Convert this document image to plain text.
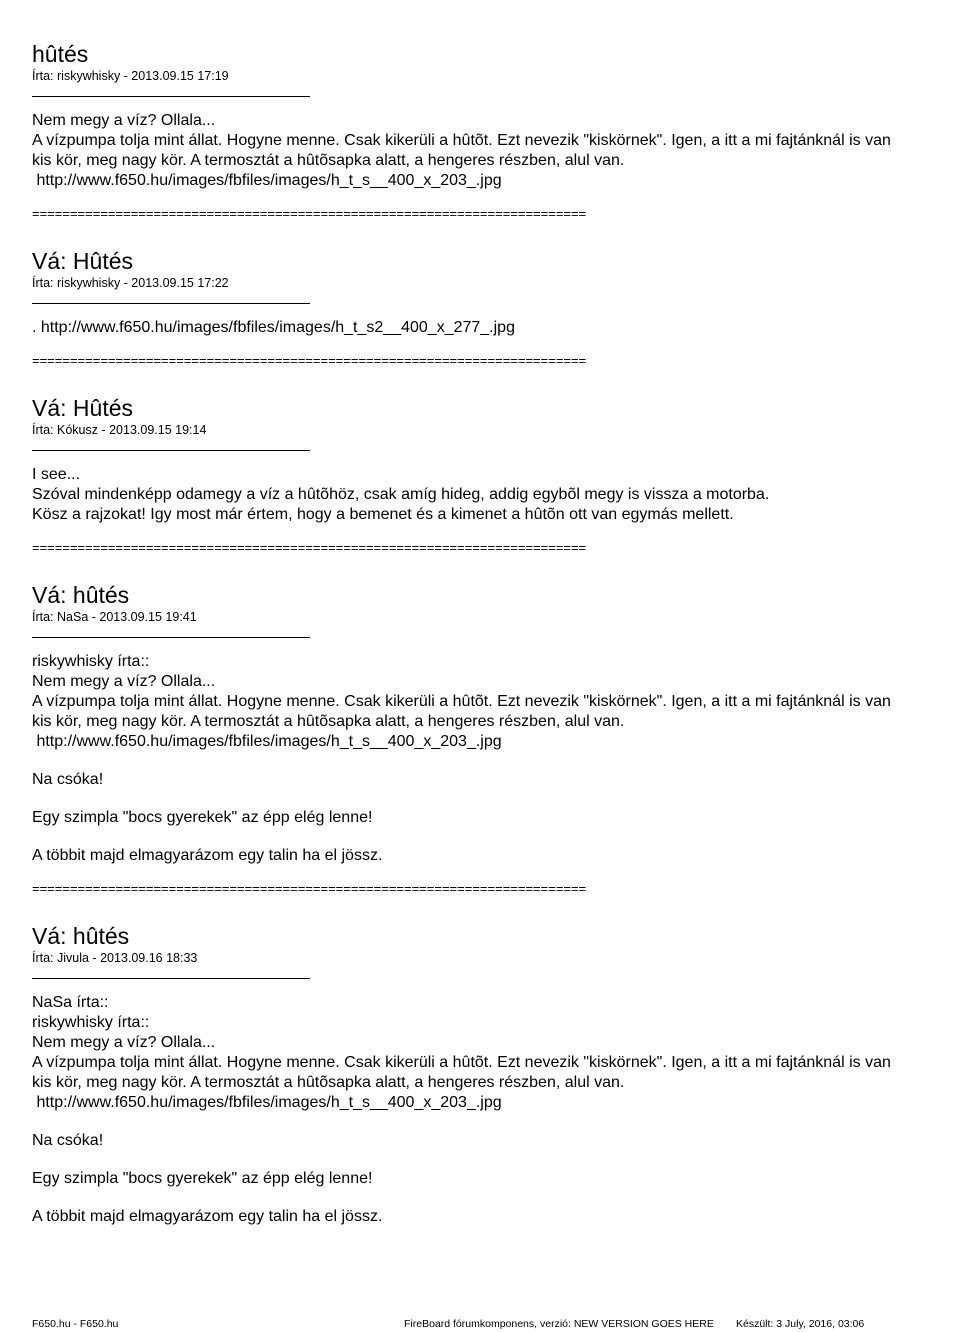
hûtés
Írta: riskywhisky - 2013.09.15 17:19

Nem megy a víz? Ollala...

A vízpumpa tolja mint állat. Hogyne menne. Csak kikerüli a hûtõt. Ezt nevezik "kiskörnek". Igen, a itt a mi fajtánknál is van

kis kör, meg nagy kör. A termosztát a hûtõsapka alatt, a hengeres részben, alul van.

http://www.f650.hu/images/fbfiles/images/h_t_s__400_x_203_.jpg

=========================================================================
Vá: Hûtés
Írta: riskywhisky - 2013.09.15 17:22

. http://www.f650.hu/images/fbfiles/images/h_t_s2__400_x_277_.jpg

=========================================================================
Vá: Hûtés
Írta: Kókusz - 2013.09.15 19:14

I see...

Szóval mindenképp odamegy a víz a hûtõhöz, csak amíg hideg, addig egybõl megy is vissza a motorba.

Kösz a rajzokat! Igy most már értem, hogy a bemenet és a kimenet a hûtõn ott van egymás mellett.

=========================================================================
Vá: hûtés
Írta: NaSa - 2013.09.15 19:41

riskywhisky írta::

Nem megy a víz? Ollala...

A vízpumpa tolja mint állat. Hogyne menne. Csak kikerüli a hûtõt. Ezt nevezik "kiskörnek". Igen, a itt a mi fajtánknál is van

kis kör, meg nagy kör. A termosztát a hûtõsapka alatt, a hengeres részben, alul van.

http://www.f650.hu/images/fbfiles/images/h_t_s__400_x_203_.jpg

Na csóka!

Egy szimpla "bocs gyerekek" az épp elég lenne!

A többit majd elmagyarázom egy talin ha el jössz.

=========================================================================
Vá: hûtés
Írta: Jivula - 2013.09.16 18:33

NaSa írta::

riskywhisky írta::

Nem megy a víz? Ollala...

A vízpumpa tolja mint állat. Hogyne menne. Csak kikerüli a hûtõt. Ezt nevezik "kiskörnek". Igen, a itt a mi fajtánknál is van

kis kör, meg nagy kör. A termosztát a hûtõsapka alatt, a hengeres részben, alul van.

http://www.f650.hu/images/fbfiles/images/h_t_s__400_x_203_.jpg

Na csóka!

Egy szimpla "bocs gyerekek" az épp elég lenne!

A többit majd elmagyarázom egy talin ha el jössz.

F650.hu - F650.hu	FireBoard fórumkomponens, verzió: NEW VERSION GOES HERE	Készült: 3 July, 2016, 03:06
